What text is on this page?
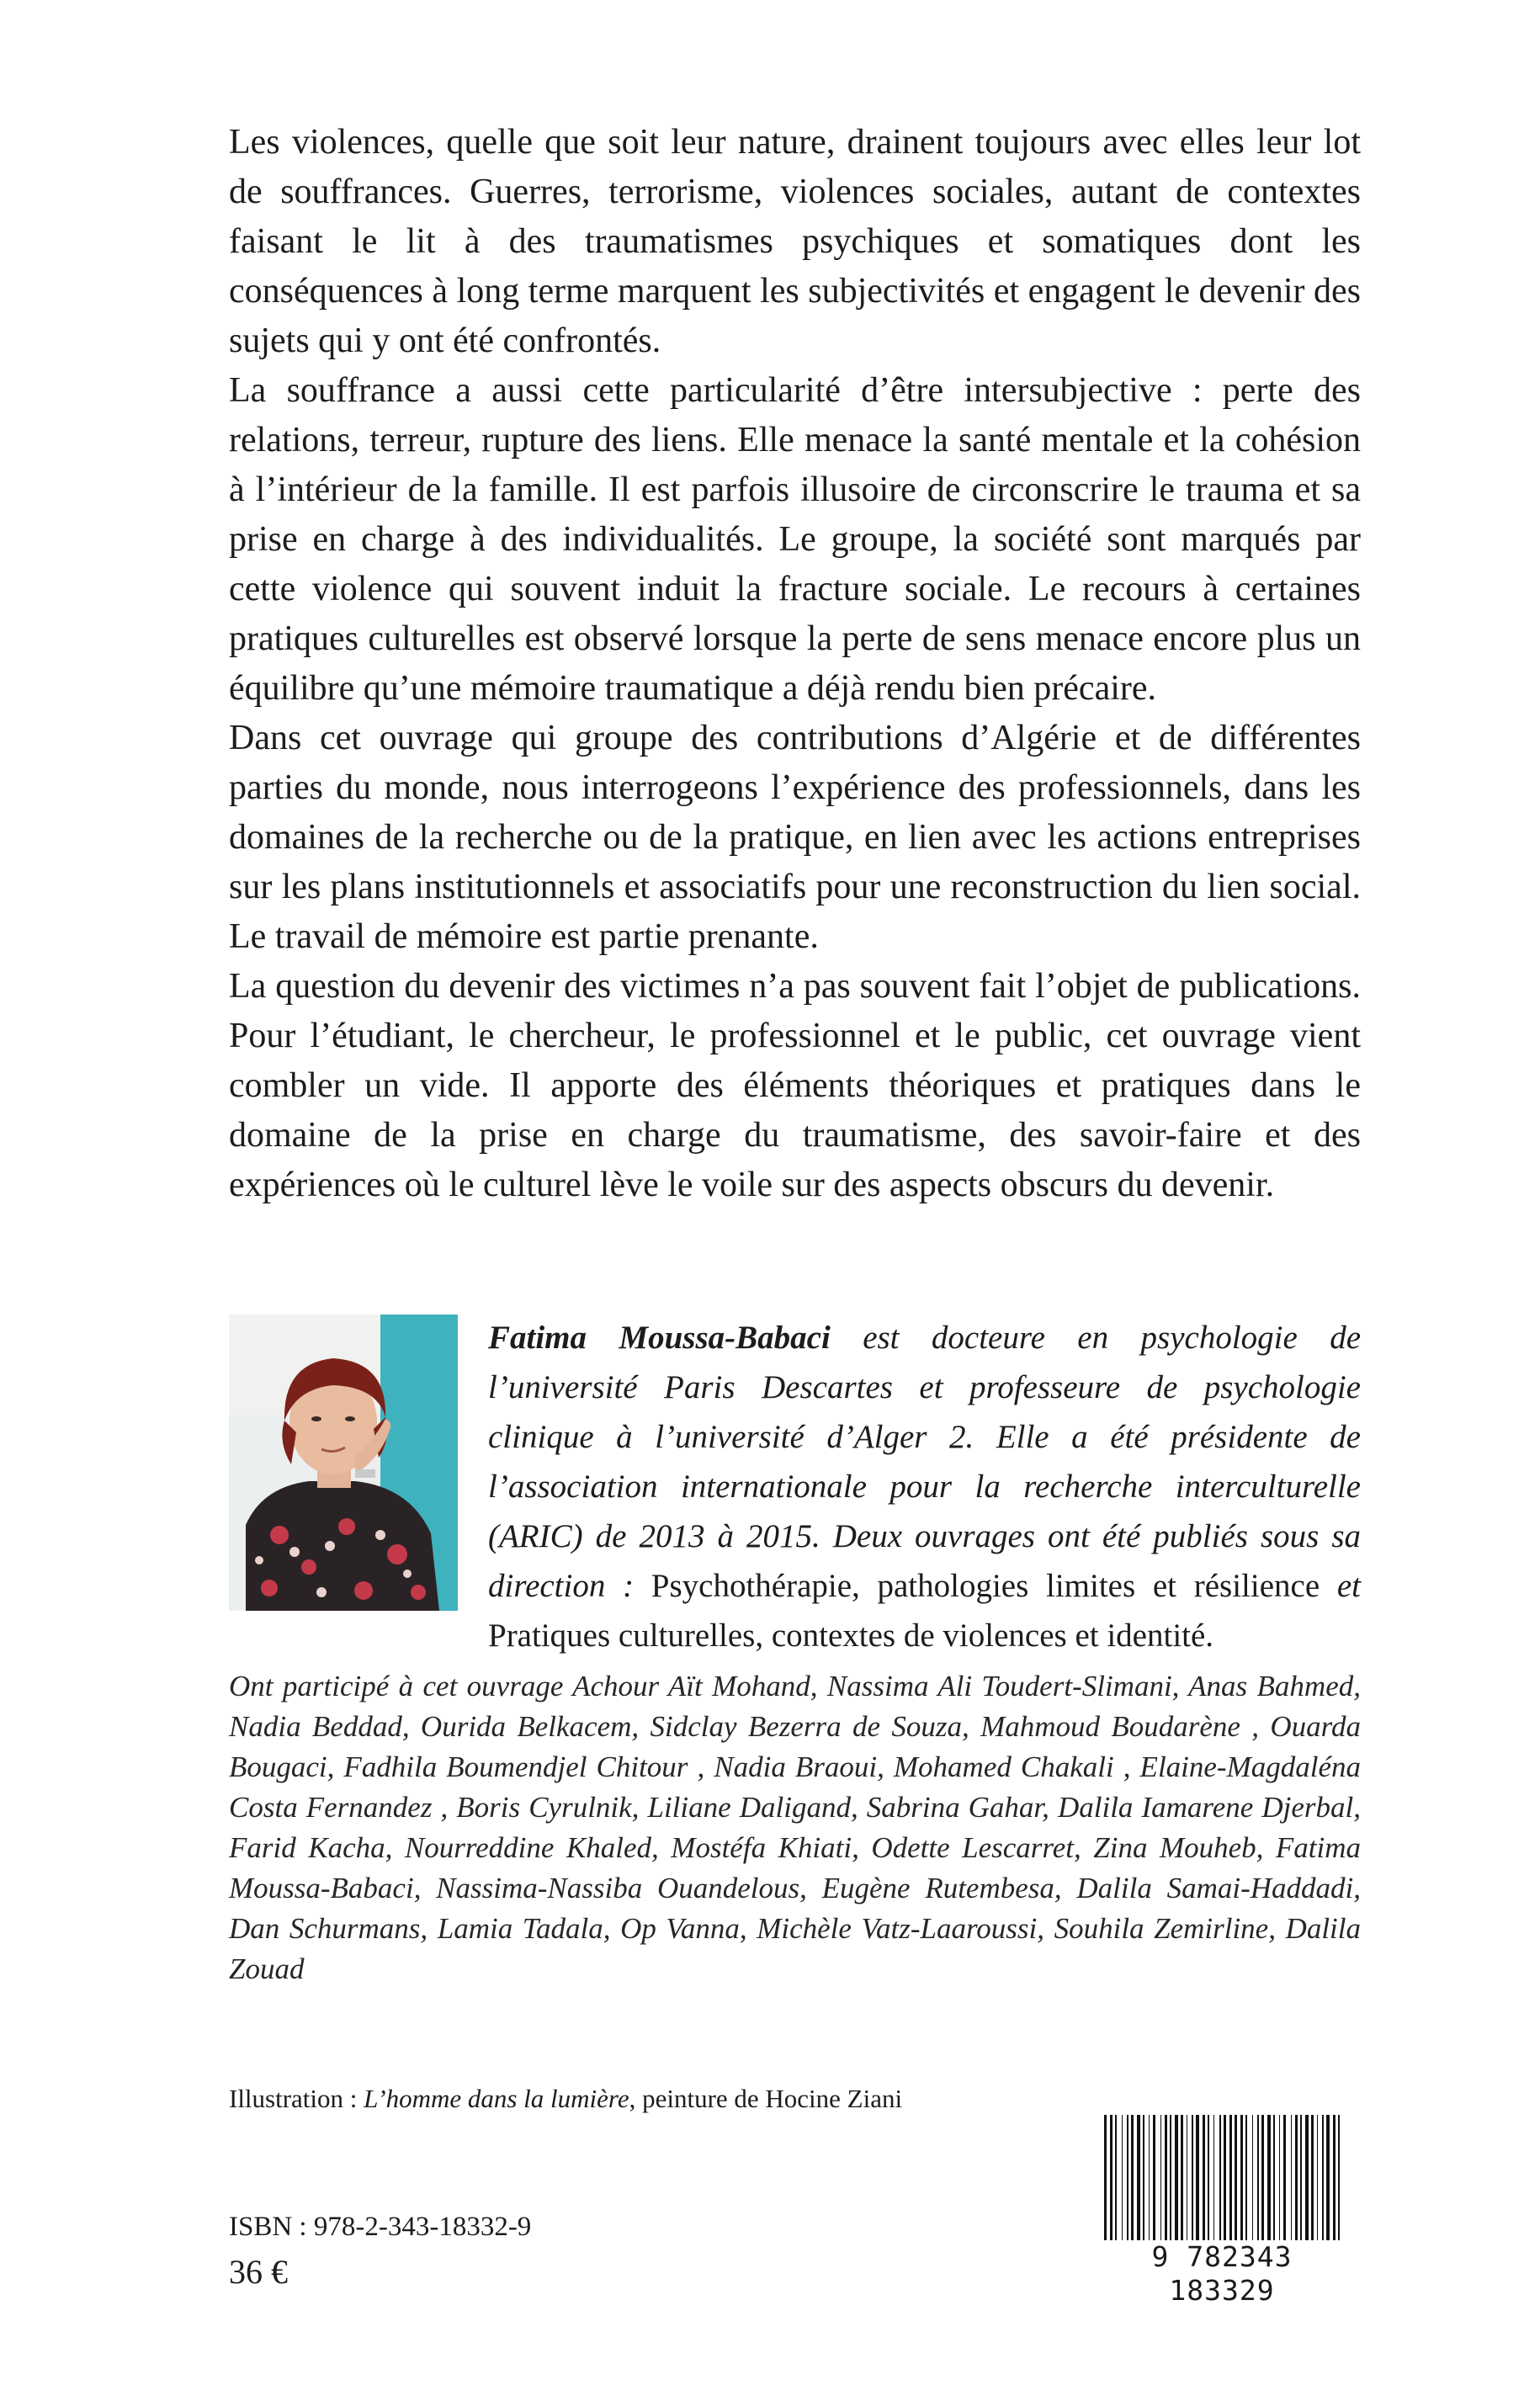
Les violences, quelle que soit leur nature, drainent toujours avec elles leur lot de souffrances. Guerres, terrorisme, violences sociales, autant de contextes faisant le lit à des traumatismes psychiques et somatiques dont les conséquences à long terme marquent les subjectivités et engagent le devenir des sujets qui y ont été confrontés.

La souffrance a aussi cette particularité d’être intersubjective : perte des relations, terreur, rupture des liens. Elle menace la santé mentale et la cohésion à l’intérieur de la famille. Il est parfois illusoire de circonscrire le trauma et sa prise en charge à des individualités. Le groupe, la société sont marqués par cette violence qui souvent induit la fracture sociale. Le recours à certaines pratiques culturelles est observé lorsque la perte de sens menace encore plus un équilibre qu’une mémoire traumatique a déjà rendu bien précaire.

Dans cet ouvrage qui groupe des contributions d’Algérie et de différentes parties du monde, nous interrogeons l’expérience des professionnels, dans les domaines de la recherche ou de la pratique, en lien avec les actions entreprises sur les plans institutionnels et associatifs pour une reconstruction du lien social. Le travail de mémoire est partie prenante.

La question du devenir des victimes n’a pas souvent fait l’objet de publications. Pour l’étudiant, le chercheur, le professionnel et le public, cet ouvrage vient combler un vide. Il apporte des éléments théoriques et pratiques dans le domaine de la prise en charge du traumatisme, des savoir-faire et des expériences où le culturel lève le voile sur des aspects obscurs du devenir.

Fatima Moussa-Babaci est docteure en psychologie de l’université Paris Descartes et professeure de psychologie clinique à l’université d’Alger 2. Elle a été présidente de l’association internationale pour la recherche interculturelle (ARIC) de 2013 à 2015. Deux ouvrages ont été publiés sous sa direction : Psychothérapie, pathologies limites et résilience et Pratiques culturelles, contextes de violences et identité.

Ont participé à cet ouvrage Achour Aït Mohand, Nassima Ali Toudert-Slimani, Anas Bahmed, Nadia Beddad, Ourida Belkacem, Sidclay Bezerra de Souza, Mahmoud Boudarène , Ouarda Bougaci, Fadhila Boumendjel Chitour , Nadia Braoui, Mohamed Chakali , Elaine-Magdaléna Costa Fernandez , Boris Cyrulnik, Liliane Daligand, Sabrina Gahar, Dalila Iamarene Djerbal, Farid Kacha, Nourreddine Khaled, Mostéfa Khiati, Odette Lescarret, Zina Mouheb, Fatima Moussa-Babaci, Nassima-Nassiba Ouandelous, Eugène Rutembesa, Dalila Samai-Haddadi, Dan Schurmans, Lamia Tadala, Op Vanna, Michèle Vatz-Laaroussi, Souhila Zemirline, Dalila Zouad

Illustration : L’homme dans la lumière, peinture de Hocine Ziani
ISBN : 978-2-343-18332-9
36 €	9 782343 183329
